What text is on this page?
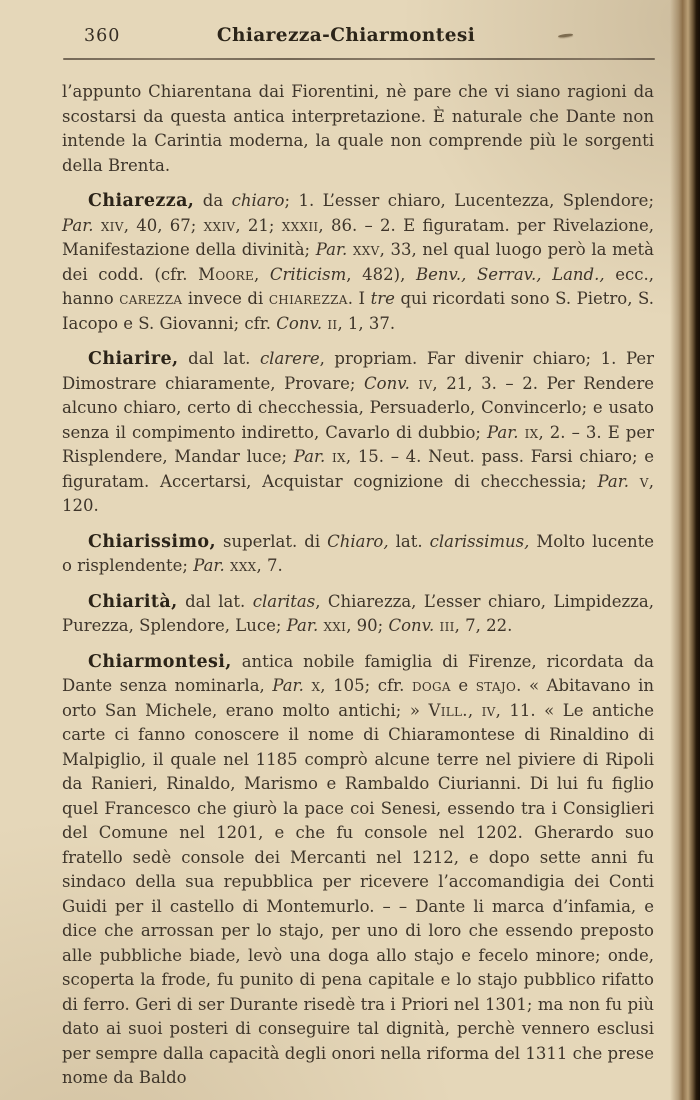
360	Chiarezza-Chiarmontesi

l’appunto Chiarentana dai Fiorentini, nè pare che vi siano ragioni da scostarsi da questa antica interpretazione. È naturale che Dante non intende la Carintia moderna, la quale non comprende più le sorgenti della Brenta.

Chiarezza, da chiaro; 1. L’esser chiaro, Lucentezza, Splendore; Par. xiv, 40, 67; xxiv, 21; xxxii, 86. – 2. E figuratam. per Rivelazione, Manifestazione della divinità; Par. xxv, 33, nel qual luogo però la metà dei codd. (cfr. Moore, Criticism, 482), Benv., Serrav., Land., ecc., hanno carezza invece di chiarezza. I tre qui ricordati sono S. Pietro, S. Iacopo e S. Giovanni; cfr. Conv. ii, 1, 37.

Chiarire, dal lat. clarere, propriam. Far divenir chiaro; 1. Per Dimostrare chiaramente, Provare; Conv. iv, 21, 3. – 2. Per Rendere alcuno chiaro, certo di checchessia, Persuaderlo, Convincerlo; e usato senza il compimento indiretto, Cavarlo di dubbio; Par. ix, 2. – 3. E per Risplendere, Mandar luce; Par. ix, 15. – 4. Neut. pass. Farsi chiaro; e figuratam. Accertarsi, Acquistar cognizione di checchessia; Par. v, 120.

Chiarissimo, superlat. di Chiaro, lat. clarissimus, Molto lucente o risplendente; Par. xxx, 7.

Chiarità, dal lat. claritas, Chiarezza, L’esser chiaro, Limpidezza, Purezza, Splendore, Luce; Par. xxi, 90; Conv. iii, 7, 22.

Chiarmontesi, antica nobile famiglia di Firenze, ricordata da Dante senza nominarla, Par. x, 105; cfr. doga e stajo. « Abitavano in orto San Michele, erano molto antichi; » Vill., iv, 11. « Le antiche carte ci fanno conoscere il nome di Chiaramontese di Rinaldino di Malpiglio, il quale nel 1185 comprò alcune terre nel piviere di Ripoli da Ranieri, Rinaldo, Marismo e Rambaldo Ciurianni. Di lui fu figlio quel Francesco che giurò la pace coi Senesi, essendo tra i Consiglieri del Comune nel 1201, e che fu console nel 1202. Gherardo suo fratello sedè console dei Mercanti nel 1212, e dopo sette anni fu sindaco della sua repubblica per ricevere l’accomandigia dei Conti Guidi per il castello di Montemurlo. – – Dante li marca d’infamia, e dice che arrossan per lo stajo, per uno di loro che essendo preposto alle pubbliche biade, levò una doga allo stajo e fecelo minore; onde, scoperta la frode, fu punito di pena capitale e lo stajo pubblico rifatto di ferro. Geri di ser Durante risedè tra i Priori nel 1301; ma non fu più dato ai suoi posteri di conseguire tal dignità, perchè vennero esclusi per sempre dalla capacità degli onori nella riforma del 1311 che prese nome da Baldo
